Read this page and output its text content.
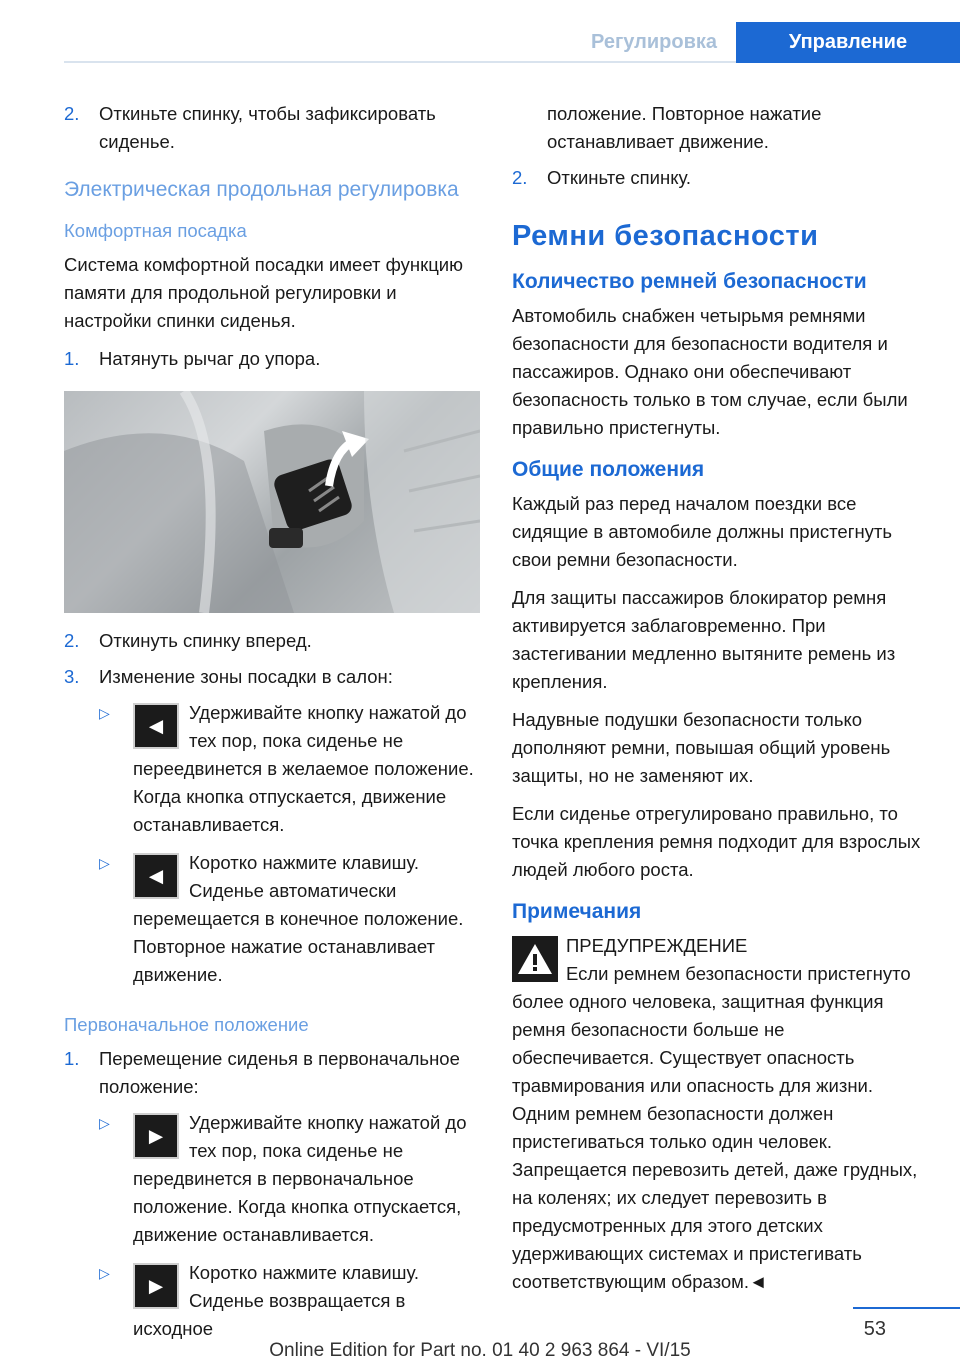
Регулировка	Управление
2.	Откиньте спинку, чтобы зафиксировать сиденье.
Электрическая продольная регулировка
Комфортная посадка

Система комфортной посадки имеет функцию памяти для продольной регулировки и настройки спинки сиденья.

1.	Натянуть рычаг до упора.
2.	Откинуть спинку вперед.
3.	Изменение зоны посадки в салон:
▷
◀
Удерживайте кнопку нажатой до тех пор, пока сиденье не переедвинется в желаемое положение. Когда кнопка отпускается, движение останавливается.
▷
◀
Коротко нажмите клавишу. Сиденье автоматически перемещается в конечное положение. Повторное нажатие останавливает движение.
Первоначальное положение
1.	Перемещение сиденья в первоначальное положение:
▷
▶
Удерживайте кнопку нажатой до тех пор, пока сиденье не передвинется в первоначальное положение. Когда кнопка отпускается, движение останавливается.
▷
▶
Коротко нажмите клавишу. Сиденье возвращается в исходное
положение. Повторное нажатие останавливает движение.
2.	Откиньте спинку.
Ремни безопасности
Количество ремней безопасности

Автомобиль снабжен четырьмя ремнями безопасности для безопасности водителя и пассажиров. Однако они обеспечивают безопасность только в том случае, если были правильно пристегнуты.

Общие положения

Каждый раз перед началом поездки все сидящие в автомобиле должны пристегнуть свои ремни безопасности.

Для защиты пассажиров блокиратор ремня активируется заблаговременно. При застегивании медленно вытяните ремень из крепления.

Надувные подушки безопасности только дополняют ремни, повышая общий уровень защиты, но не заменяют их.

Если сиденье отрегулировано правильно, то точка крепления ремня подходит для взрослых людей любого роста.

Примечания
ПРЕДУПРЕЖДЕНИЕ
Если ремнем безопасности пристегнуто более одного человека, защитная функция ремня безопасности больше не обеспечивается. Существует опасность травмирования или опасность для жизни. Одним ремнем безопасности должен пристегиваться только один человек. Запрещается перевозить детей, даже грудных, на коленях; их следует перевозить в предусмотренных для этого детских удерживающих системах и пристегивать соответствующим образом.◄
53
Online Edition for Part no. 01 40 2 963 864 - VI/15
